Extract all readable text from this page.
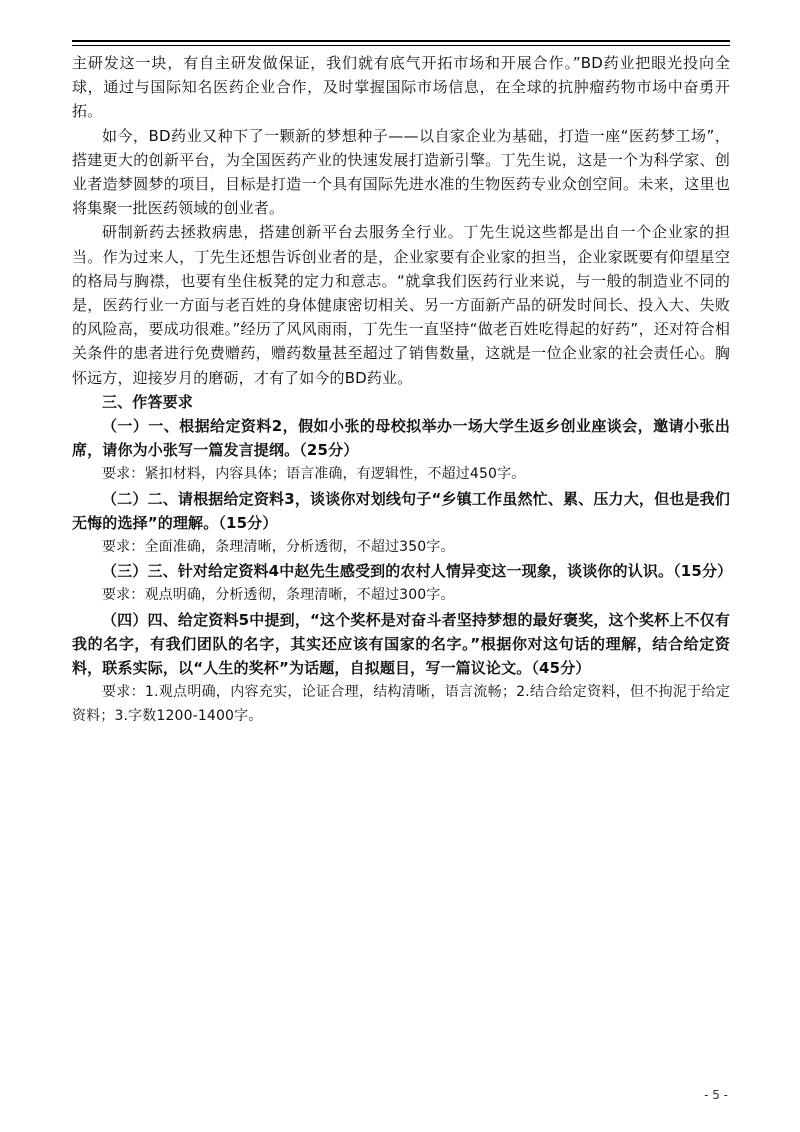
主研发这一块，有自主研发做保证，我们就有底气开拓市场和开展合作。”BD药业把眼光投向全球，通过与国际知名医药企业合作，及时掌握国际市场信息，在全球的抗肿瘤药物市场中奋勇开拓。

如今，BD药业又种下了一颗新的梦想种子——以自家企业为基础，打造一座“医药梦工场”，搭建更大的创新平台，为全国医药产业的快速发展打造新引擎。丁先生说，这是一个为科学家、创业者造梦圆梦的项目，目标是打造一个具有国际先进水准的生物医药专业众创空间。未来，这里也将集聚一批医药领域的创业者。

研制新药去拯救病患，搭建创新平台去服务全行业。丁先生说这些都是出自一个企业家的担当。作为过来人，丁先生还想告诉创业者的是，企业家要有企业家的担当，企业家既要有仰望星空的格局与胸襟，也要有坐住板凳的定力和意志。“就拿我们医药行业来说，与一般的制造业不同的是，医药行业一方面与老百姓的身体健康密切相关、另一方面新产品的研发时间长、投入大、失败的风险高，要成功很难。”经历了风风雨雨，丁先生一直坚持“做老百姓吃得起的好药”，还对符合相关条件的患者进行免费赠药，赠药数量甚至超过了销售数量，这就是一位企业家的社会责任心。胸怀远方，迎接岁月的磨砺，才有了如今的BD药业。

三、作答要求

（一）一、根据给定资料2，假如小张的母校拟举办一场大学生返乡创业座谈会，邀请小张出席，请你为小张写一篇发言提纲。（25分）

要求：紧扣材料，内容具体；语言准确，有逻辑性，不超过450字。

（二）二、请根据给定资料3，谈谈你对划线句子“乡镇工作虽然忙、累、压力大，但也是我们无悔的选择”的理解。（15分）

要求：全面准确，条理清晰，分析透彻，不超过350字。

（三）三、针对给定资料4中赵先生感受到的农村人情异变这一现象，谈谈你的认识。（15分）

要求：观点明确，分析透彻，条理清晰，不超过300字。

（四）四、给定资料5中提到，“这个奖杯是对奋斗者坚持梦想的最好褒奖，这个奖杯上不仅有我的名字，有我们团队的名字，其实还应该有国家的名字。”根据你对这句话的理解，结合给定资料，联系实际，以“人生的奖杯”为话题，自拟题目，写一篇议论文。（45分）

要求：1.观点明确，内容充实，论证合理，结构清晰，语言流畅；2.结合给定资料，但不拘泥于给定资料；3.字数1200-1400字。

- 5 -
